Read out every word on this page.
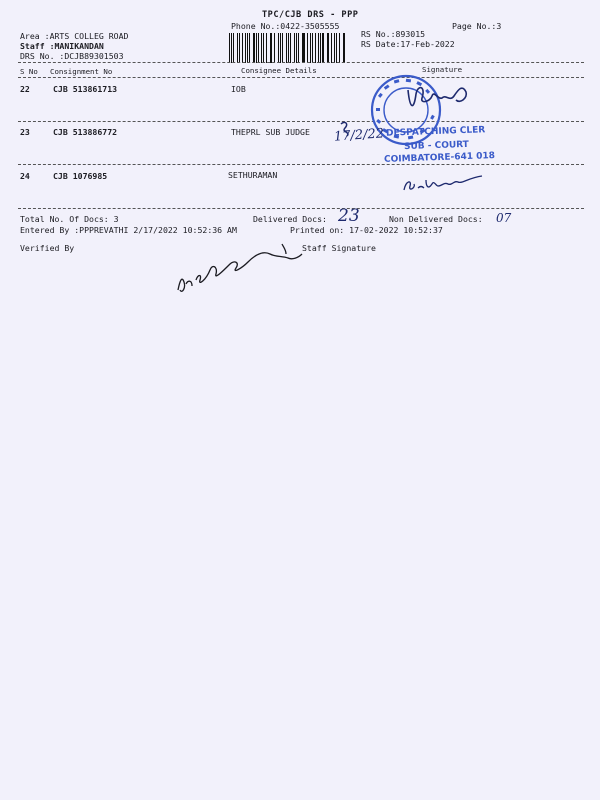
TPC/CJB DRS - PPP
Phone No.:0422-3505555	Page No.:3
Area :ARTS COLLEG ROAD
Staff :MANIKANDAN
DRS No. :DCJB89301503
RS No.:893015
RS Date:17-Feb-2022
S No Consignment No	Consignee Details	Signature
22	CJB 513861713	IOB
23	CJB 513886772	THEPRL SUB JUDGE
24	CJB 1076985	SETHURAMAN
Total No. Of Docs: 3	Delivered Docs: 23	Non Delivered Docs: 07
Entered By :PPPREVATHI 2/17/2022 10:52:36 AM	Printed on: 17-02-2022 10:52:37
Verified By	Staff Signature
17/2/22 DESPATCHING CLER
SUB - COURT
COIMBATORE-641 018
